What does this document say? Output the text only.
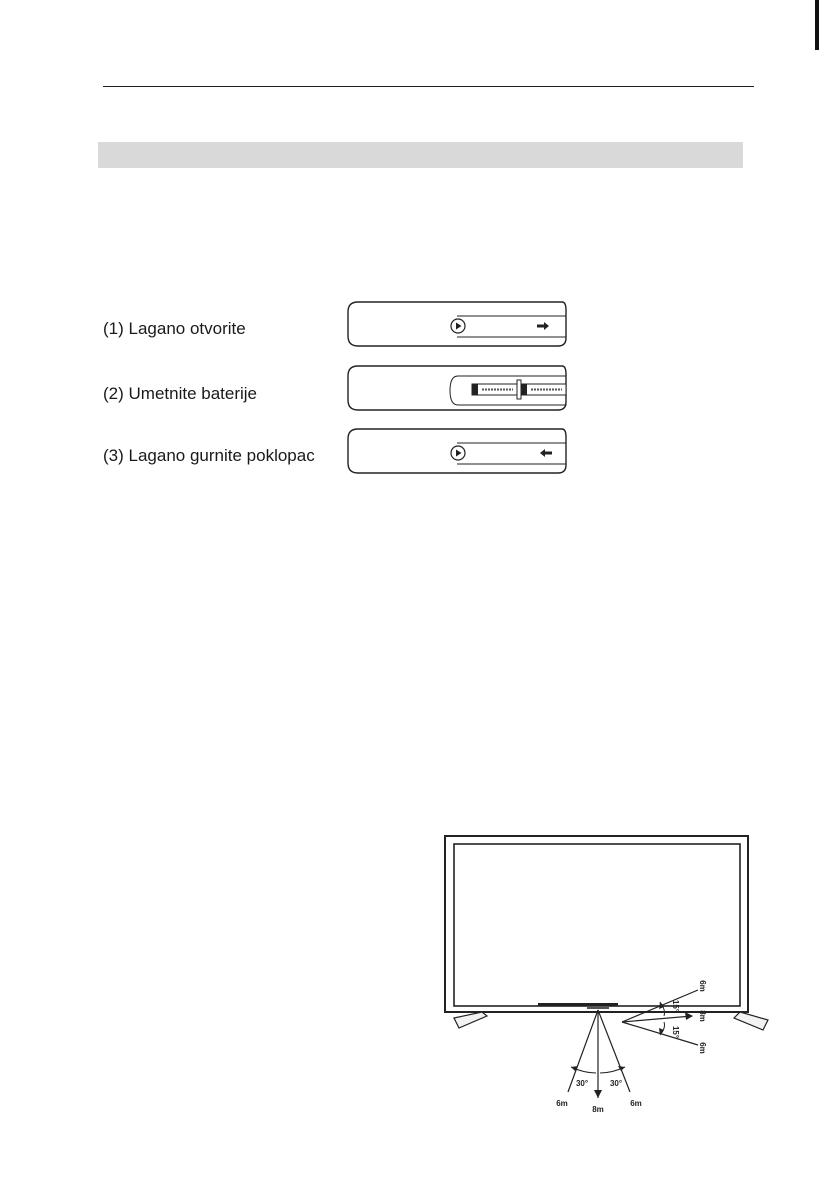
(1) Lagano otvorite
(2) Umetnite baterije
(3) Lagano gurnite poklopac
30°	30°
6m
8m
6m
15°
15°
6m
8m
6m
